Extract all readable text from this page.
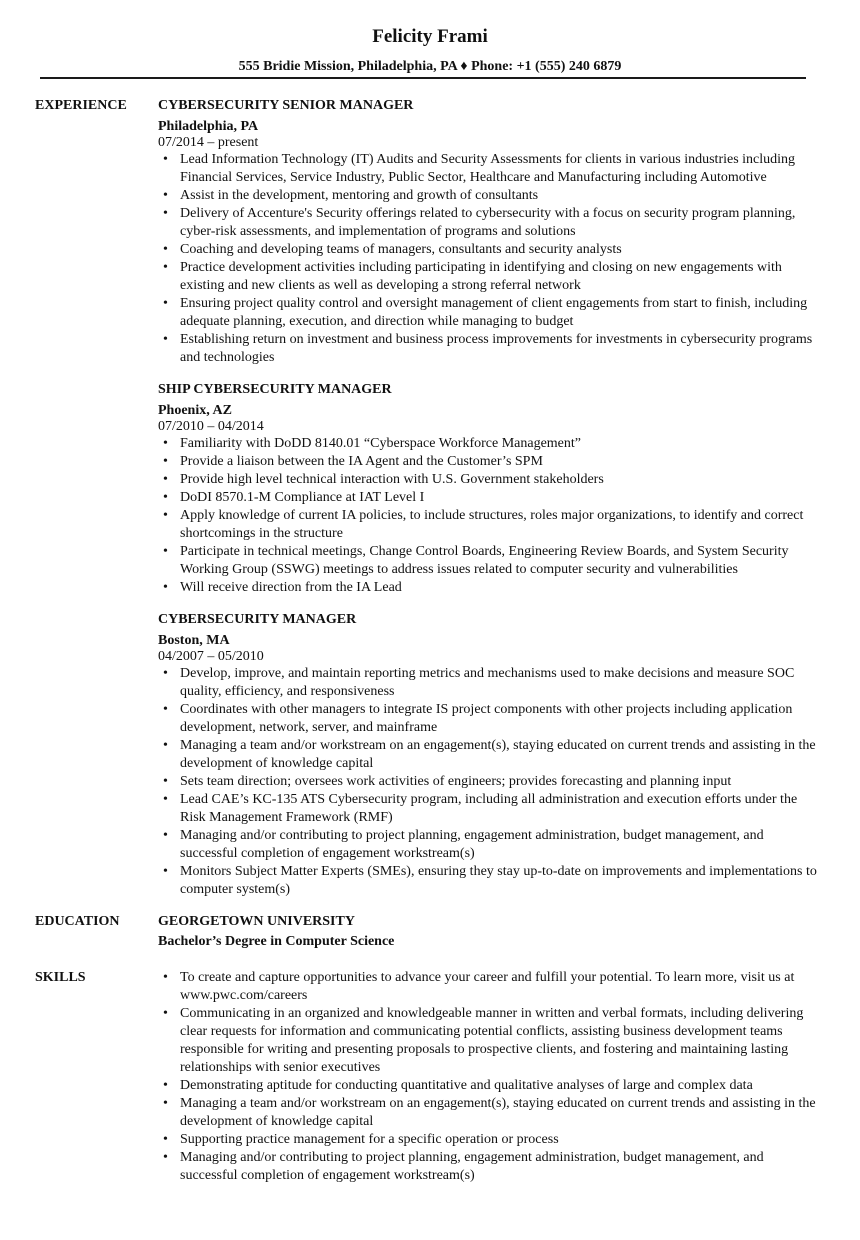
Felicity Frami
555 Bridie Mission, Philadelphia, PA ♦ Phone: +1 (555) 240 6879
EXPERIENCE CYBERSECURITY SENIOR MANAGER
Philadelphia, PA
07/2014 – present
• Lead Information Technology (IT) Audits and Security Assessments for clients in various industries including Financial Services, Service Industry, Public Sector, Healthcare and Manufacturing including Automotive
• Assist in the development, mentoring and growth of consultants
• Delivery of Accenture's Security offerings related to cybersecurity with a focus on security program planning, cyber-risk assessments, and implementation of programs and solutions
• Coaching and developing teams of managers, consultants and security analysts
• Practice development activities including participating in identifying and closing on new engagements with existing and new clients as well as developing a strong referral network
• Ensuring project quality control and oversight management of client engagements from start to finish, including adequate planning, execution, and direction while managing to budget
• Establishing return on investment and business process improvements for investments in cybersecurity programs and technologies
SHIP CYBERSECURITY MANAGER
Phoenix, AZ
07/2010 – 04/2014
• Familiarity with DoDD 8140.01 “Cyberspace Workforce Management”
• Provide a liaison between the IA Agent and the Customer’s SPM
• Provide high level technical interaction with U.S. Government stakeholders
• DoDI 8570.1-M Compliance at IAT Level I
• Apply knowledge of current IA policies, to include structures, roles major organizations, to identify and correct shortcomings in the structure
• Participate in technical meetings, Change Control Boards, Engineering Review Boards, and System Security Working Group (SSWG) meetings to address issues related to computer security and vulnerabilities
• Will receive direction from the IA Lead
CYBERSECURITY MANAGER
Boston, MA
04/2007 – 05/2010
• Develop, improve, and maintain reporting metrics and mechanisms used to make decisions and measure SOC quality, efficiency, and responsiveness
• Coordinates with other managers to integrate IS project components with other projects including application development, network, server, and mainframe
• Managing a team and/or workstream on an engagement(s), staying educated on current trends and assisting in the development of knowledge capital
• Sets team direction; oversees work activities of engineers; provides forecasting and planning input
• Lead CAE’s KC-135 ATS Cybersecurity program, including all administration and execution efforts under the Risk Management Framework (RMF)
• Managing and/or contributing to project planning, engagement administration, budget management, and successful completion of engagement workstream(s)
• Monitors Subject Matter Experts (SMEs), ensuring they stay up-to-date on improvements and implementations to computer system(s)
EDUCATION	GEORGETOWN UNIVERSITY
Bachelor’s Degree in Computer Science
SKILLS
•	To create and capture opportunities to advance your career and fulfill your potential. To learn more, visit us at www.pwc.com/careers
• Communicating in an organized and knowledgeable manner in written and verbal formats, including delivering clear requests for information and communicating potential conflicts, assisting business development teams responsible for writing and presenting proposals to prospective clients, and fostering and maintaining lasting relationships with senior executives
• Demonstrating aptitude for conducting quantitative and qualitative analyses of large and complex data
• Managing a team and/or workstream on an engagement(s), staying educated on current trends and assisting in the development of knowledge capital
• Supporting practice management for a specific operation or process
• Managing and/or contributing to project planning, engagement administration, budget management, and successful completion of engagement workstream(s)
